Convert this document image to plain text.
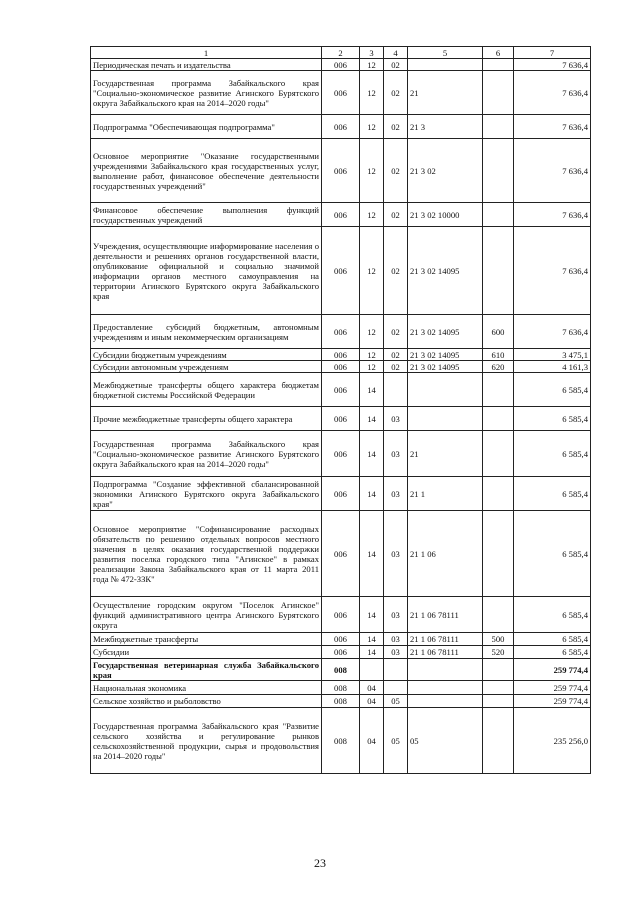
1	2	3	4	5	6	7
Периодическая печать и издательства	006	12	02			7 636,4
Государственная программа Забайкальского края "Социально-экономическое развитие Агинского Бурятского округа Забайкальского края на 2014–2020 годы"	006	12	02	21		7 636,4
Подпрограмма "Обеспечивающая подпрограмма"	006	12	02	21 3		7 636,4
Основное мероприятие "Оказание государственными учреждениями Забайкальского края государственных услуг, выполнение работ, финансовое обеспечение деятельности государственных учреждений"	006	12	02	21 3 02		7 636,4
Финансовое обеспечение выполнения функций государственных учреждений	006	12	02	21 3 02 10000		7 636,4
Учреждения, осуществляющие информирование населения о деятельности и решениях органов государственной власти, опубликование официальной и социально значимой информации органов местного самоуправления на территории Агинского Бурятского округа Забайкальского края	006	12	02	21 3 02 14095		7 636,4
Предоставление субсидий бюджетным, автономным учреждениям и иным некоммерческим организациям	006	12	02	21 3 02 14095	600	7 636,4
Субсидии бюджетным учреждениям	006	12	02	21 3 02 14095	610	3 475,1
Субсидии автономным учреждениям	006	12	02	21 3 02 14095	620	4 161,3
Межбюджетные трансферты общего характера бюджетам бюджетной системы Российской Федерации	006	14				6 585,4
Прочие межбюджетные трансферты общего характера	006	14	03			6 585,4
Государственная программа Забайкальского края "Социально-экономическое развитие Агинского Бурятского округа Забайкальского края на 2014–2020 годы"	006	14	03	21		6 585,4
Подпрограмма "Создание эффективной сбалансированной экономики Агинского Бурятского округа Забайкальского края"	006	14	03	21 1		6 585,4
Основное мероприятие "Софинансирование расходных обязательств по решению отдельных вопросов местного значения в целях оказания государственной поддержки развития поселка городского типа "Агинское" в рамках реализации Закона Забайкальского края от 11 марта 2011 года № 472-ЗЗК"	006	14	03	21 1 06		6 585,4
Осуществление городским округом "Поселок Агинское" функций административного центра Агинского Бурятского округа	006	14	03	21 1 06 78111		6 585,4
Межбюджетные трансферты	006	14	03	21 1 06 78111	500	6 585,4
Субсидии	006	14	03	21 1 06 78111	520	6 585,4
Государственная ветеринарная служба Забайкальского края	008					259 774,4
Национальная экономика	008	04				259 774,4
Сельское хозяйство и рыболовство	008	04	05			259 774,4
Государственная программа Забайкальского края "Развитие сельского хозяйства и регулирование рынков сельскохозяйственной продукции, сырья и продовольствия на 2014–2020 годы"	008	04	05	05		235 256,0
23
